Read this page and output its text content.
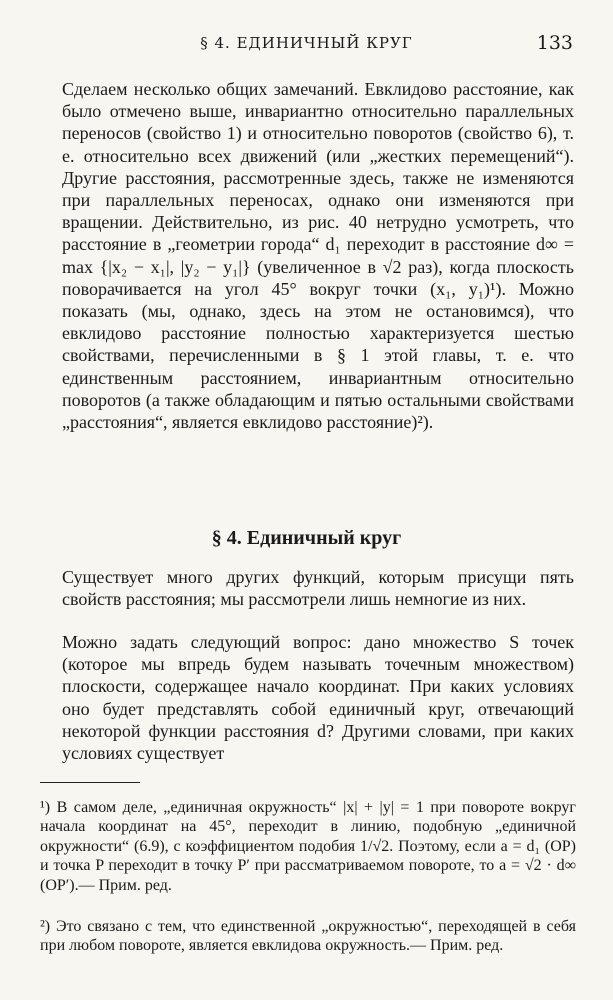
§ 4. ЕДИНИЧНЫЙ КРУГ	133

Сделаем несколько общих замечаний. Евклидово расстояние, как было отмечено выше, инвариантно относительно параллельных переносов (свойство 1) и относительно поворотов (свойство 6), т. е. относительно всех движений (или „жестких перемещений“). Другие расстояния, рассмотренные здесь, также не изменяются при параллельных переносах, однако они изменяются при вращении. Действительно, из рис. 40 нетрудно усмотреть, что расстояние в „геометрии города“ d₁ переходит в расстояние d∞ = max {|x₂ − x₁|, |y₂ − y₁|} (увеличенное в √2 раз), когда плоскость поворачивается на угол 45° вокруг точки (x₁, y₁)¹). Можно показать (мы, однако, здесь на этом не остановимся), что евклидово расстояние полностью характеризуется шестью свойствами, перечисленными в § 1 этой главы, т. е. что единственным расстоянием, инвариантным относительно поворотов (а также обладающим и пятью остальными свойствами „расстояния“, является евклидово расстояние)²).

§ 4. Единичный круг

Существует много других функций, которым присущи пять свойств расстояния; мы рассмотрели лишь немногие из них.

Можно задать следующий вопрос: дано множество S точек (которое мы впредь будем называть точечным множеством) плоскости, содержащее начало координат. При каких условиях оно будет представлять собой единичный круг, отвечающий некоторой функции расстояния d? Другими словами, при каких условиях существует

¹) В самом деле, „единичная окружность“ |x| + |y| = 1 при повороте вокруг начала координат на 45°, переходит в линию, подобную „единичной окружности“ (6.9), с коэффициентом подобия 1/√2. Поэтому, если a = d₁ (OP) и точка P переходит в точку P′ при рассматриваемом повороте, то a = √2 · d∞ (OP′).— Прим. ред.

²) Это связано с тем, что единственной „окружностью“, переходящей в себя при любом повороте, является евклидова окружность.— Прим. ред.
